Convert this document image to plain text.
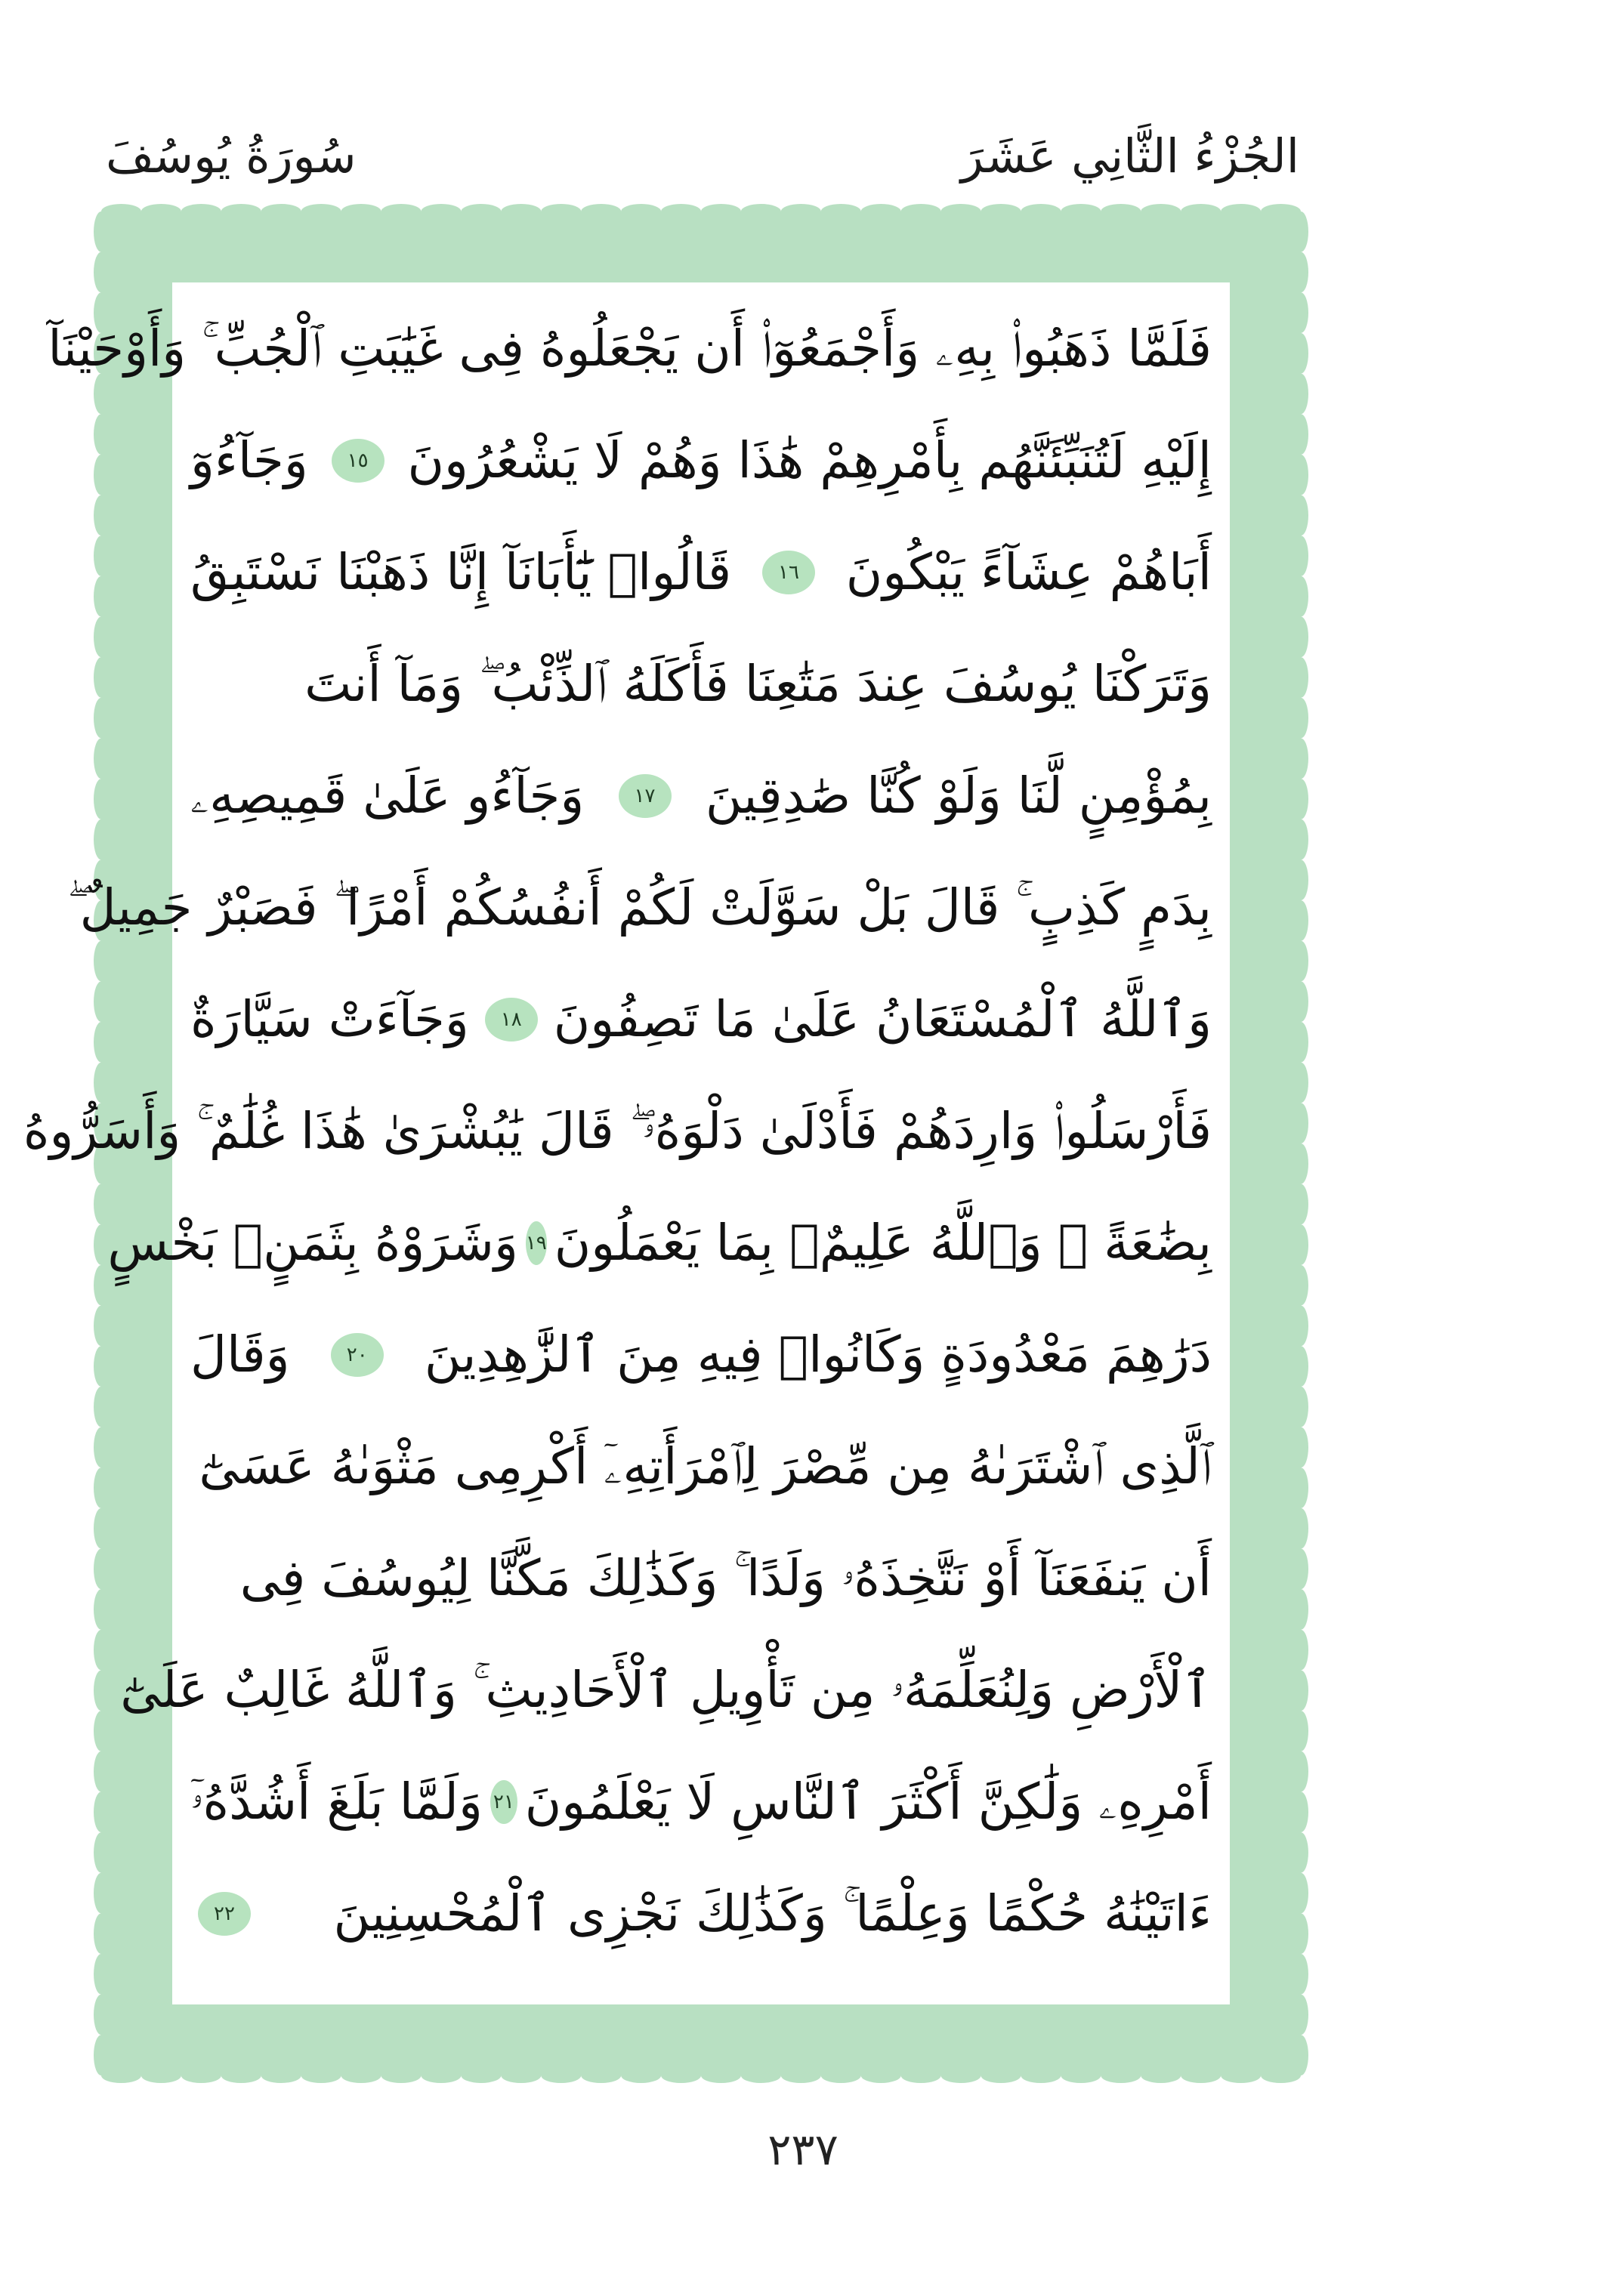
الجُزْءُ الثَّانِي عَشَرَ
سُورَةُ يُوسُفَ
فَلَمَّا ذَهَبُوا۟ بِهِۦ وَأَجْمَعُوٓا۟ أَن يَجْعَلُوهُ فِى غَيَٰبَتِ ٱلْجُبِّ ۚ وَأَوْحَيْنَآ
إِلَيْهِ لَتُنَبِّئَنَّهُم بِأَمْرِهِمْ هَٰذَا وَهُمْ لَا يَشْعُرُونَ
١٥
وَجَآءُوٓ
أَبَاهُمْ عِشَآءً يَبْكُونَ
١٦
قَالُوا۟ يَٰٓأَبَانَآ إِنَّا ذَهَبْنَا نَسْتَبِقُ
وَتَرَكْنَا يُوسُفَ عِندَ مَتَٰعِنَا فَأَكَلَهُ ٱلذِّئْبُ ۖ وَمَآ أَنتَ
بِمُؤْمِنٍ لَّنَا وَلَوْ كُنَّا صَٰدِقِينَ
١٧
وَجَآءُو عَلَىٰ قَمِيصِهِۦ
بِدَمٍ كَذِبٍ ۚ قَالَ بَلْ سَوَّلَتْ لَكُمْ أَنفُسُكُمْ أَمْرًا ۖ فَصَبْرٌ جَمِيلٌ ۖ
وَٱللَّهُ ٱلْمُسْتَعَانُ عَلَىٰ مَا تَصِفُونَ
١٨
وَجَآءَتْ سَيَّارَةٌ
فَأَرْسَلُوا۟ وَارِدَهُمْ فَأَدْلَىٰ دَلْوَهُۥ ۖ قَالَ يَٰبُشْرَىٰ هَٰذَا غُلَٰمٌ ۚ وَأَسَرُّوهُ
بِضَٰعَةً ۚ وَٱللَّهُ عَلِيمٌۢ بِمَا يَعْمَلُونَ
١٩
وَشَرَوْهُ بِثَمَنٍۭ بَخْسٍ
دَرَٰهِمَ مَعْدُودَةٍ وَكَانُوا۟ فِيهِ مِنَ ٱلزَّٰهِدِينَ
٢٠
وَقَالَ
ٱلَّذِى ٱشْتَرَىٰهُ مِن مِّصْرَ لِٱمْرَأَتِهِۦٓ أَكْرِمِى مَثْوَىٰهُ عَسَىٰٓ
أَن يَنفَعَنَآ أَوْ نَتَّخِذَهُۥ وَلَدًا ۚ وَكَذَٰلِكَ مَكَّنَّا لِيُوسُفَ فِى
ٱلْأَرْضِ وَلِنُعَلِّمَهُۥ مِن تَأْوِيلِ ٱلْأَحَادِيثِ ۚ وَٱللَّهُ غَالِبٌ عَلَىٰٓ
أَمْرِهِۦ وَلَٰكِنَّ أَكْثَرَ ٱلنَّاسِ لَا يَعْلَمُونَ
٢١
وَلَمَّا بَلَغَ أَشُدَّهُۥٓ
ءَاتَيْنَٰهُ حُكْمًا وَعِلْمًا ۚ وَكَذَٰلِكَ نَجْزِى ٱلْمُحْسِنِينَ
٢٢
٢٣٧
